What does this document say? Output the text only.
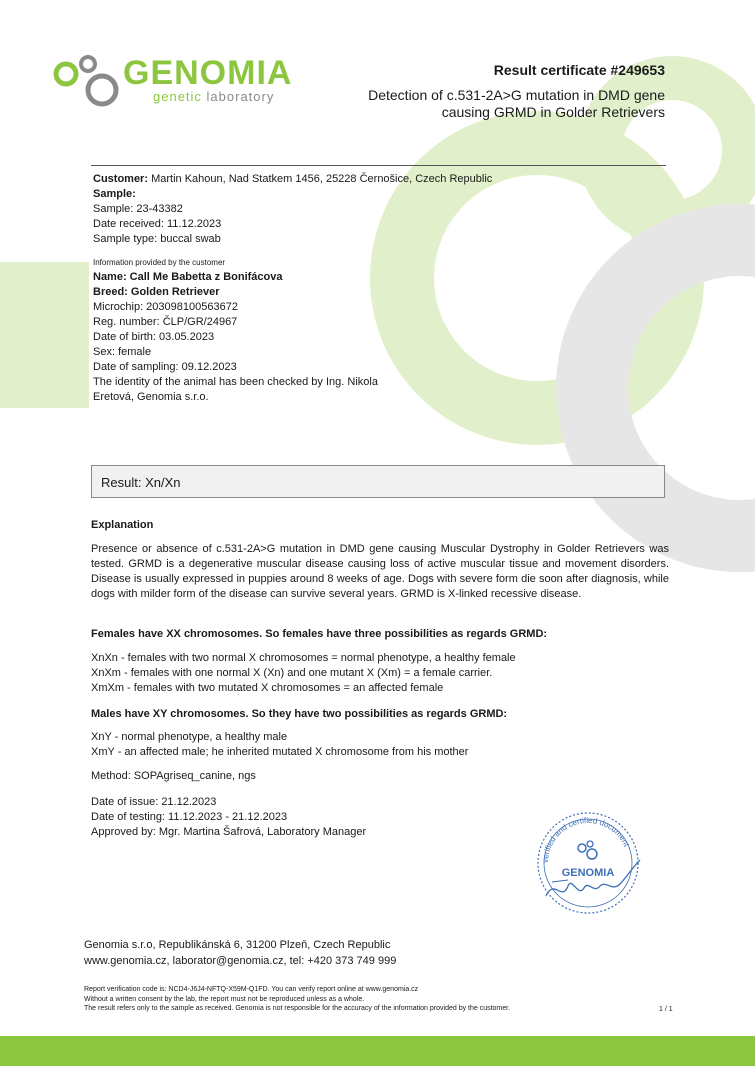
GENOMIA
genetic laboratory
Result certificate #249653
Detection of c.531-2A>G mutation in DMD gene causing GRMD in Golder Retrievers
Customer: Martin Kahoun, Nad Statkem 1456, 25228 Černošice, Czech Republic
Sample:
Sample: 23-43382
Date received: 11.12.2023
Sample type: buccal swab
Information provided by the customer
Name: Call Me Babetta z Bonifácova
Breed: Golden Retriever
Microchip: 203098100563672
Reg. number: ČLP/GR/24967
Date of birth: 03.05.2023
Sex: female
Date of sampling: 09.12.2023
The identity of the animal has been checked by Ing. Nikola Eretová, Genomia s.r.o.
Result: Xn/Xn
Explanation
Presence or absence of c.531-2A>G mutation in DMD gene causing Muscular Dystrophy in Golder Retrievers was tested. GRMD is a degenerative muscular disease causing loss of active muscular tissue and movement disorders. Disease is usually expressed in puppies around 8 weeks of age. Dogs with severe form die soon after diagnosis, while dogs with milder form of the disease can survive several years. GRMD is X-linked recessive disease.
Females have XX chromosomes. So females have three possibilities as regards GRMD:
XnXn - females with two normal X chromosomes = normal phenotype, a healthy female
XnXm - females with one normal X (Xn) and one mutant X (Xm) = a female carrier.
XmXm - females with two mutated X chromosomes = an affected female
Males have XY chromosomes. So they have two possibilities as regards GRMD:
XnY - normal phenotype, a healthy male
XmY - an affected male; he inherited mutated X chromosome from his mother
Method: SOPAgriseq_canine, ngs
Date of issue: 21.12.2023
Date of testing: 11.12.2023 - 21.12.2023
Approved by: Mgr. Martina Šafrová, Laboratory Manager
verified and certified document
GENOMIA
Genomia s.r.o, Republikánská 6, 31200 Plzeň, Czech Republic
www.genomia.cz, laborator@genomia.cz, tel: +420 373 749 999
Report verification code is: NCD4-J6J4-NFTQ-X59M-Q1FD. You can verify report online at www.genomia.cz
Without a written consent by the lab, the report must not be reproduced unless as a whole.
The result refers only to the sample as received. Genomia is not responsible for the accuracy of the information provided by the customer.	1 / 1
